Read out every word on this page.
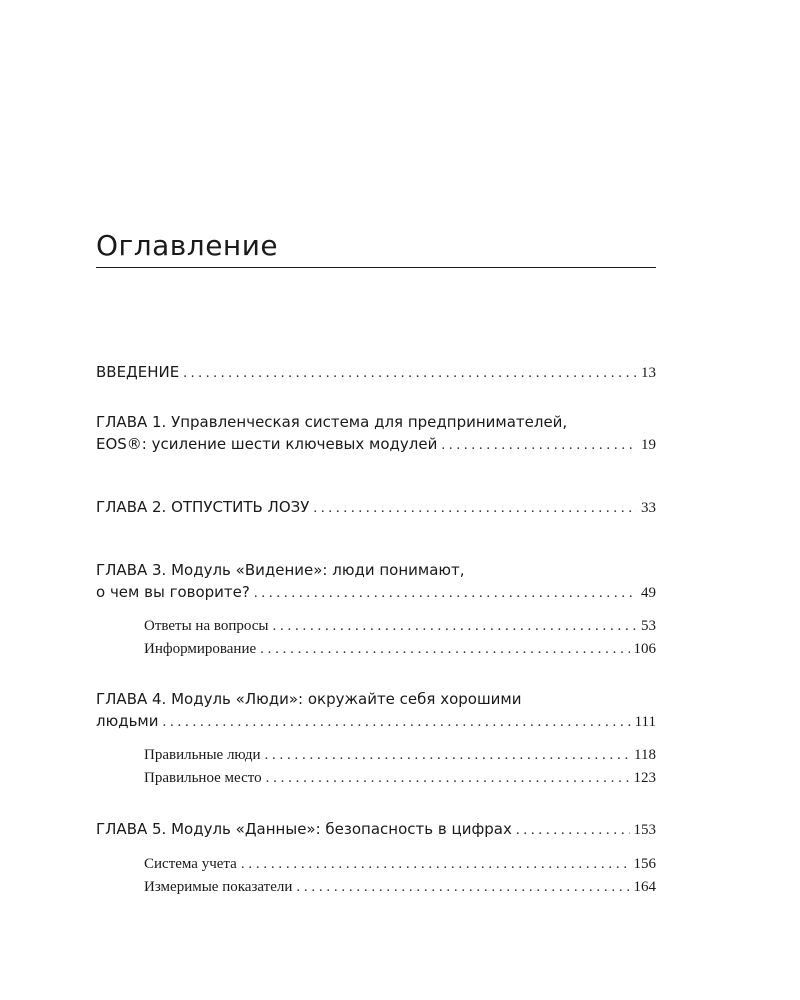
Оглавление
ВВЕДЕНИЕ . . .	13
ГЛАВА 1. Управленческая система для предпринимателей,
EOS®: усиление шести ключевых модулей . . .	19
ГЛАВА 2. ОТПУСТИТЬ ЛОЗУ . . .	33
ГЛАВА 3. Модуль «Видение»: люди понимают,
о чем вы говорите? . . .	49
Ответы на вопросы . . .	53
Информирование . . .	106
ГЛАВА 4. Модуль «Люди»: окружайте себя хорошими
людьми . . .	111
Правильные люди . . .	118
Правильное место . . .	123
ГЛАВА 5. Модуль «Данные»: безопасность в цифрах . . .	153
Система учета . . .	156
Измеримые показатели . . .	164
